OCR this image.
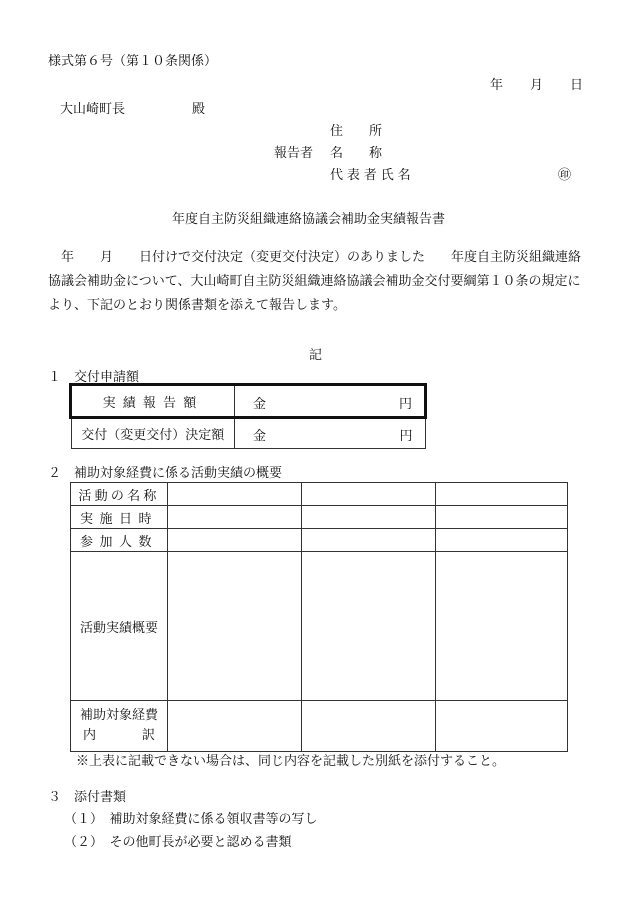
様式第６号（第１０条関係）
年 月 日
大山崎町長	殿
住　　所
報告者 名　　称
代表者氏名	㊞
年度自主防災組織連絡協議会補助金実績報告書
年　　月　　日付けで交付決定（変更交付決定）のありました　　年度自主防災組織連絡協議会補助金について、大山崎町自主防災組織連絡協議会補助金交付要綱第１０条の規定により、下記のとおり関係書類を添えて報告します。
記
１　交付申請額
実績報告額	金 円

交付（変更交付）決定額	金 円
２　補助対象経費に係る活動実績の概要
活動の名称			
実施日時			
参加人数			
活動実績概要			

補助対象経費
内 訳			

※上表に記載できない場合は、同じ内容を記載した別紙を添付すること。
３　添付書類
（１）　補助対象経費に係る領収書等の写し
（２）　その他町長が必要と認める書類
